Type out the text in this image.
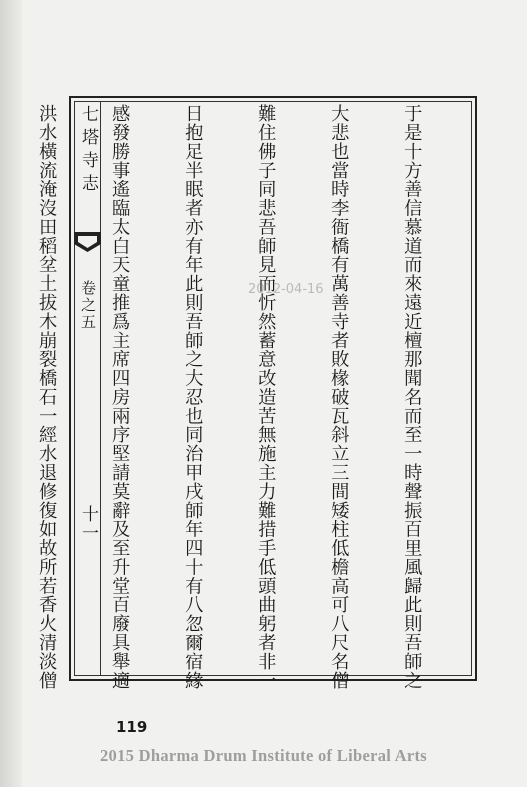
七塔寺志
卷之五
十一

	于是十方善信慕道而來遠近檀那聞名而至一時聲振百里風歸此則吾師之

大悲也當時李衙橋有萬善寺者敗椽破瓦斜立三間矮柱低檐高可八尺名僧

難住佛子同悲吾師見而忻然蓄意改造苦無施主力難措手低頭曲躬者非一

日抱足半眠者亦有年此則吾師之大忍也同治甲戌師年四十有八忽爾宿緣

感發勝事遙臨太白天童推爲主席四房兩序堅請莫辭及至升堂百廢具舉適

洪水橫流淹沒田稻坌土拔木崩裂橋石一經水退修復如故所若香火清淡僧

	2012-04-16
119
2015 Dharma Drum Institute of Liberal Arts
